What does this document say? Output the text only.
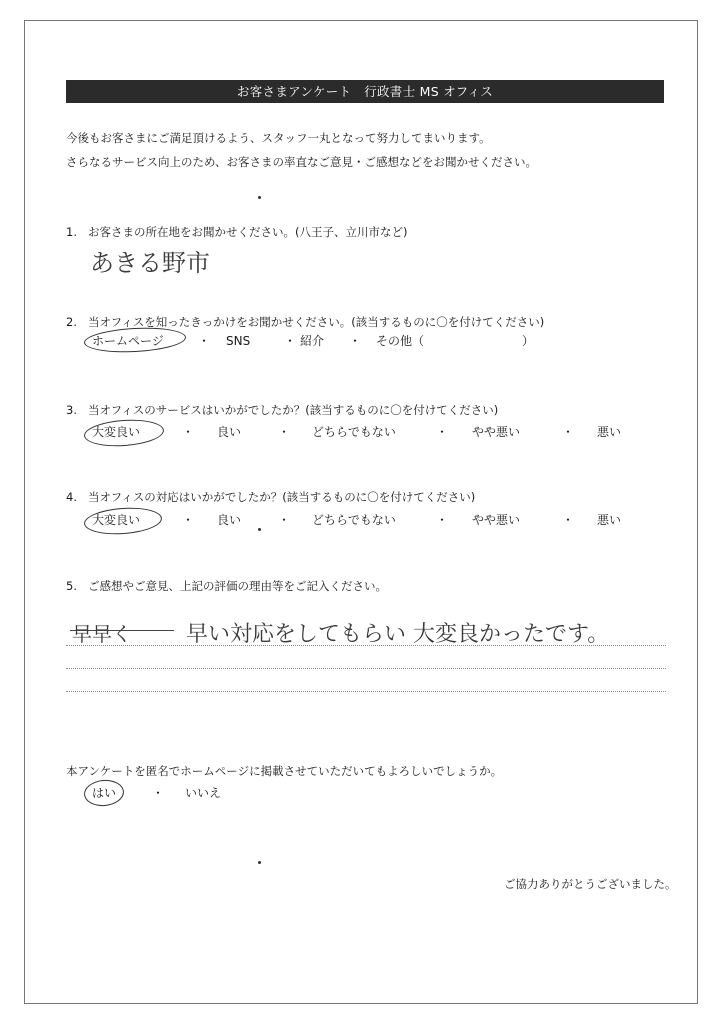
お客さまアンケート　行政書士 MS オフィス
今後もお客さまにご満足頂けるよう、スタッフ一丸となって努力してまいります。
さらなるサービス向上のため、お客さまの率直なご意見・ご感想などをお聞かせください。
1. お客さまの所在地をお聞かせください。(八王子、立川市など)
あきる野市
2. 当オフィスを知ったきっかけをお聞かせください。(該当するものに〇を付けてください)
ホームページ	・ SNS	・ 紹介 ・ その他（	）
3. 当オフィスのサービスはいかがでしたか？(該当するものに〇を付けてください)
大変良い	・ 良い	・ どちらでもない	・ やや悪い	・ 悪い
4. 当オフィスの対応はいかがでしたか？(該当するものに〇を付けてください)
大変良い	・ 良い	・ どちらでもない	・ やや悪い	・ 悪い
5. ご感想やご意見、上記の評価の理由等をご記入ください。
早早く 早い対応をしてもらい 大変良かったです。
本アンケートを匿名でホームページに掲載させていただいてもよろしいでしょうか。
はい	・ いいえ
ご協力ありがとうございました。
